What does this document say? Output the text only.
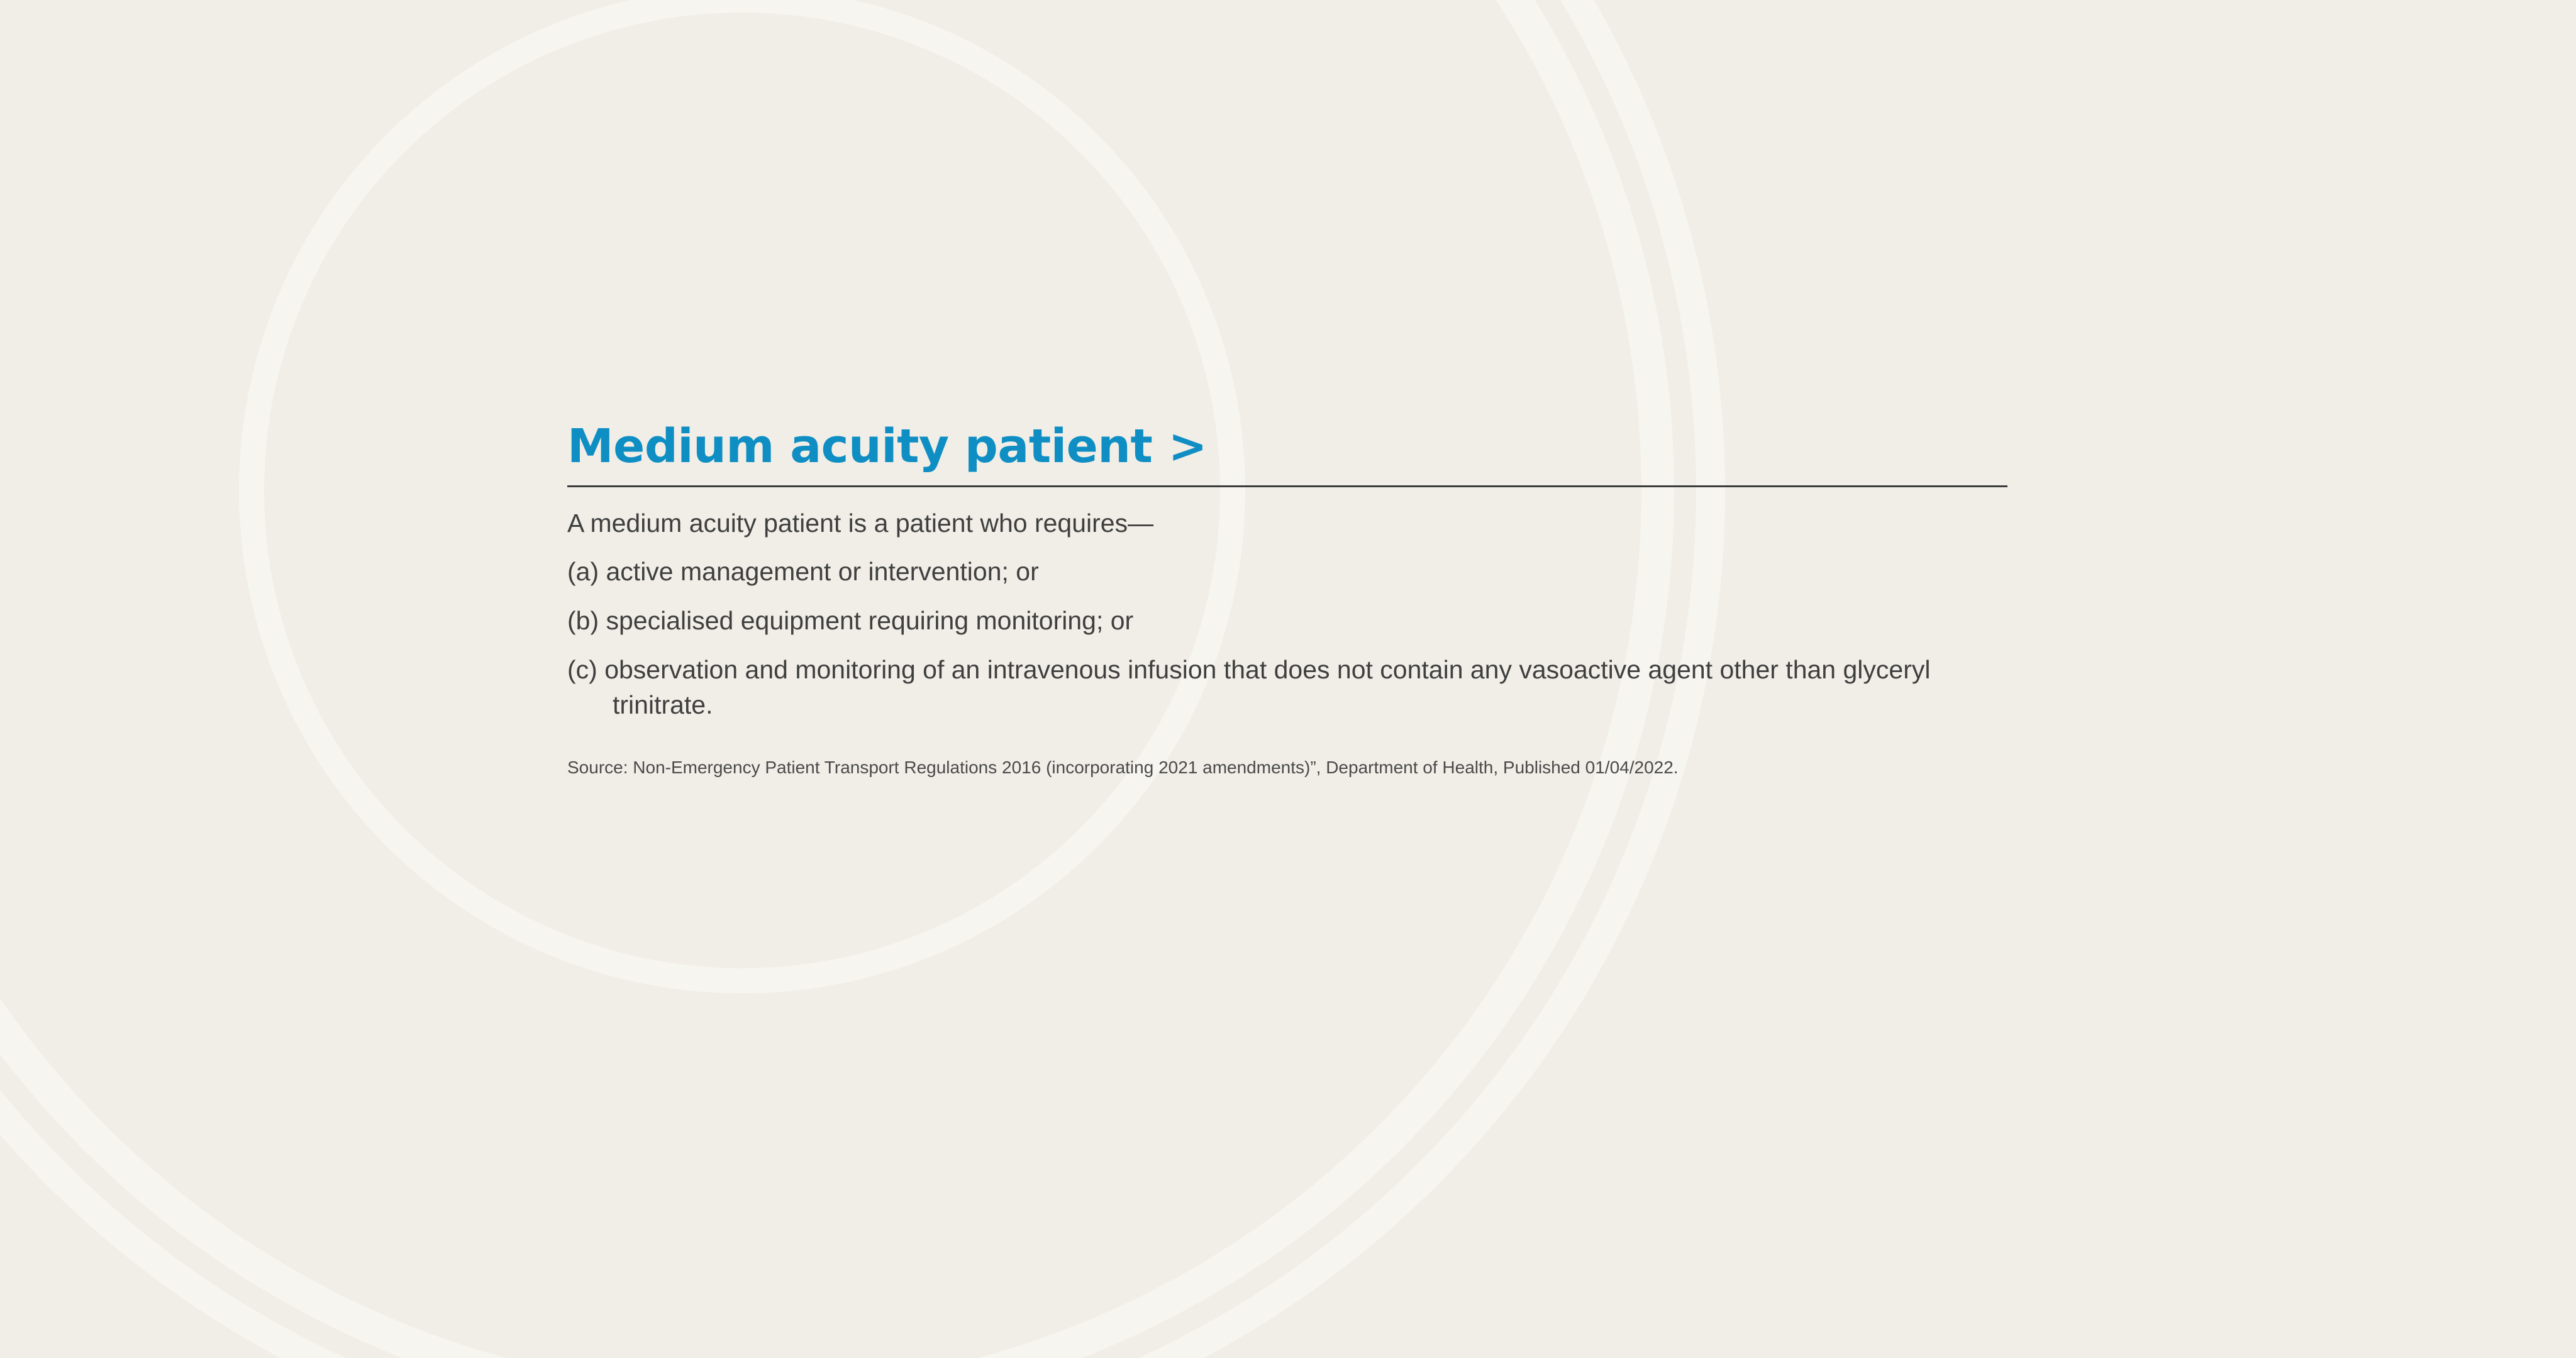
Medium acuity patient >

A medium acuity patient is a patient who requires—

(a) active management or intervention; or

(b) specialised equipment requiring monitoring; or

(c) observation and monitoring of an intravenous infusion that does not contain any vasoactive agent other than glyceryl trinitrate.

Source: Non-Emergency Patient Transport Regulations 2016 (incorporating 2021 amendments)”, Department of Health, Published 01/04/2022.
